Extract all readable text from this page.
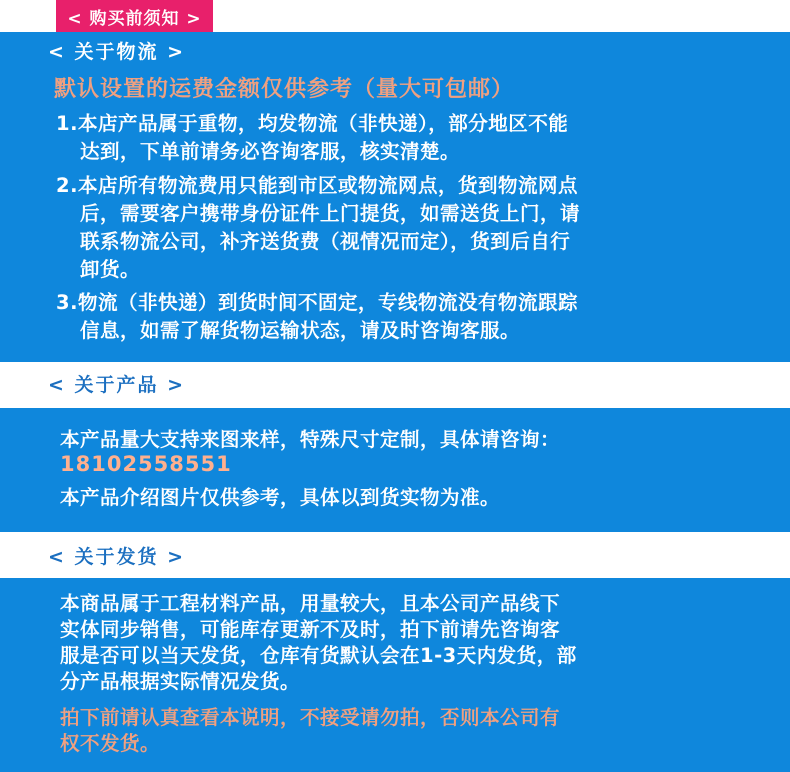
< 购买前须知 >
< 关于物流 >
默认设置的运费金额仅供参考（量大可包邮）
1.本店产品属于重物，均发物流（非快递），部分地区不能
达到，下单前请务必咨询客服，核实清楚。
2.本店所有物流费用只能到市区或物流网点，货到物流网点
后，需要客户携带身份证件上门提货，如需送货上门，请
联系物流公司，补齐送货费（视情况而定），货到后自行
卸货。
3.物流（非快递）到货时间不固定，专线物流没有物流跟踪
信息，如需了解货物运输状态，请及时咨询客服。
< 关于产品 >
本产品量大支持来图来样，特殊尺寸定制，具体请咨询：
18102558551
本产品介绍图片仅供参考，具体以到货实物为准。
< 关于发货 >
本商品属于工程材料产品，用量较大，且本公司产品线下
实体同步销售，可能库存更新不及时，拍下前请先咨询客
服是否可以当天发货，仓库有货默认会在1-3天内发货，部
分产品根据实际情况发货。
拍下前请认真查看本说明，不接受请勿拍，否则本公司有
权不发货。
